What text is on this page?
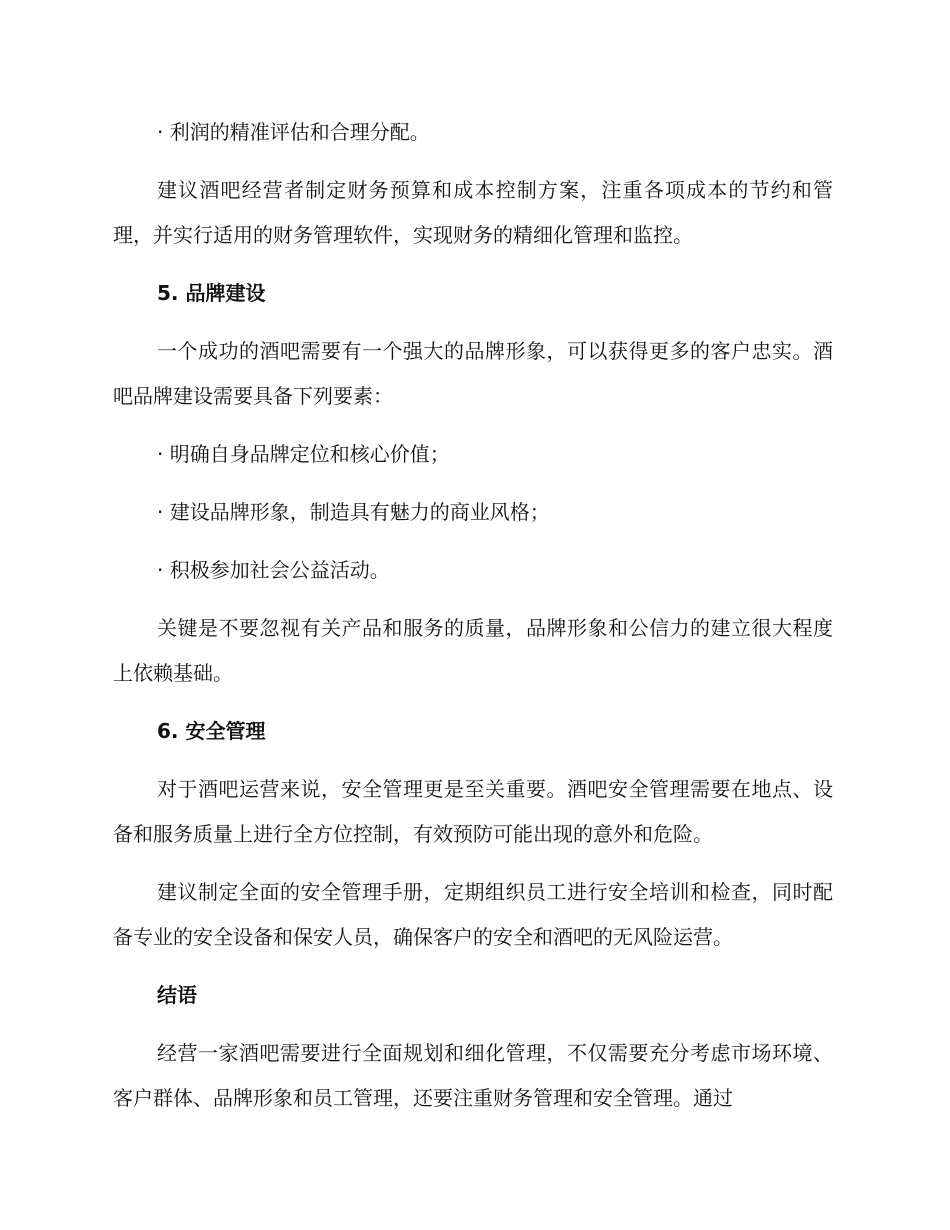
· 利润的精准评估和合理分配。

建议酒吧经营者制定财务预算和成本控制方案，注重各项成本的节约和管理，并实行适用的财务管理软件，实现财务的精细化管理和监控。

5. 品牌建设

一个成功的酒吧需要有一个强大的品牌形象，可以获得更多的客户忠实。酒吧品牌建设需要具备下列要素：

· 明确自身品牌定位和核心价值；

· 建设品牌形象，制造具有魅力的商业风格；

· 积极参加社会公益活动。

关键是不要忽视有关产品和服务的质量，品牌形象和公信力的建立很大程度上依赖基础。

6. 安全管理

对于酒吧运营来说，安全管理更是至关重要。酒吧安全管理需要在地点、设备和服务质量上进行全方位控制，有效预防可能出现的意外和危险。

建议制定全面的安全管理手册，定期组织员工进行安全培训和检查，同时配备专业的安全设备和保安人员，确保客户的安全和酒吧的无风险运营。

结语

经营一家酒吧需要进行全面规划和细化管理，不仅需要充分考虑市场环境、客户群体、品牌形象和员工管理，还要注重财务管理和安全管理。通过
